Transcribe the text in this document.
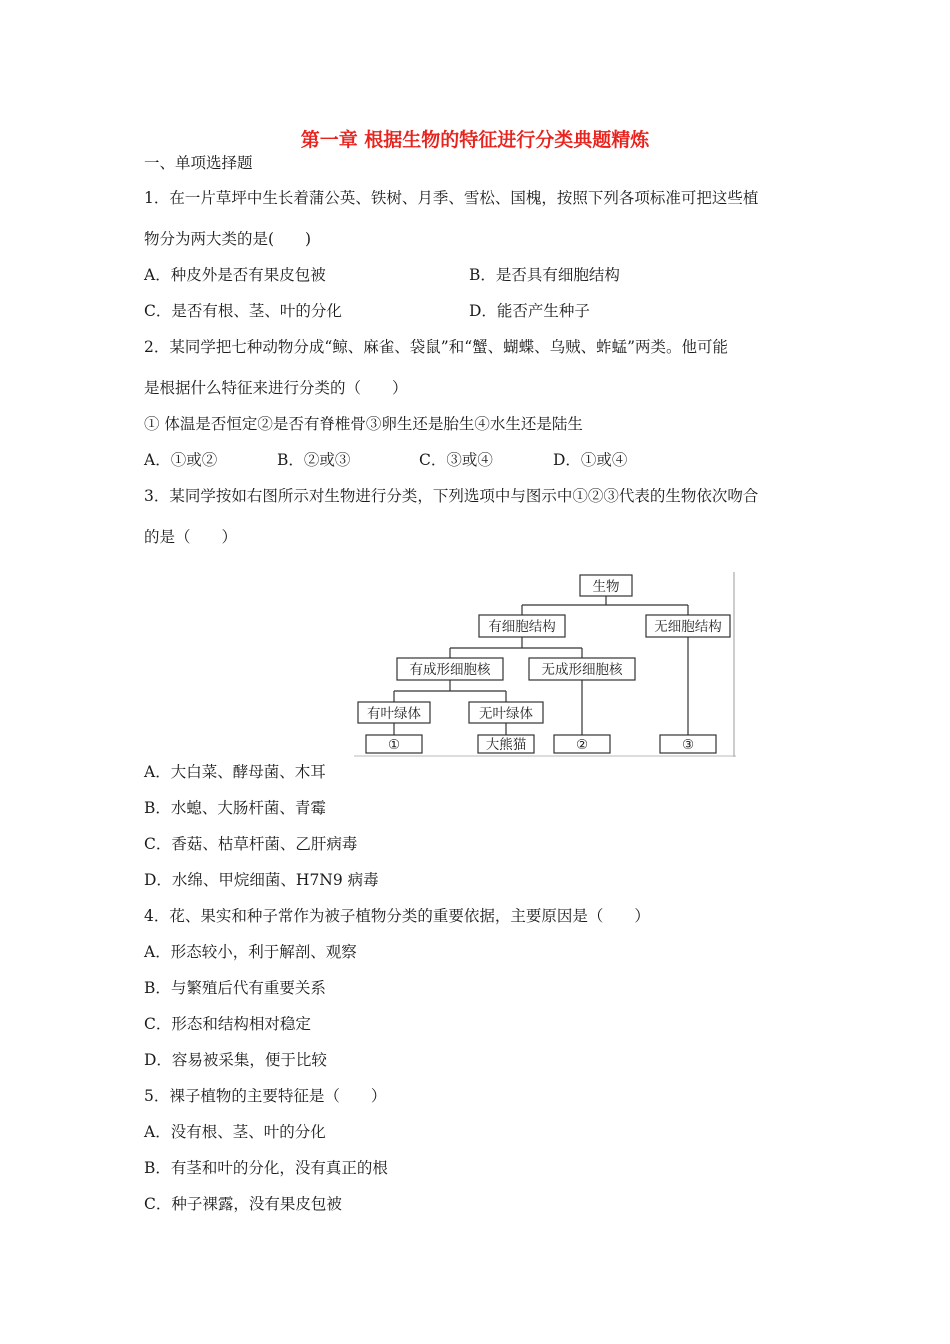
第一章 根据生物的特征进行分类典题精炼
一、单项选择题
1．在一片草坪中生长着蒲公英、铁树、月季、雪松、国槐，按照下列各项标准可把这些植
物分为两大类的是(　　)
A．种皮外是否有果皮包被	B．是否具有细胞结构
C．是否有根、茎、叶的分化	D．能否产生种子
2．某同学把七种动物分成“鲸、麻雀、袋鼠”和“蟹、蝴蝶、乌贼、蚱蜢”两类。他可能
是根据什么特征来进行分类的（　　）
① 体温是否恒定②是否有脊椎骨③卵生还是胎生④水生还是陆生
A．①或②	B．②或③	C．③或④	D．①或④
3．某同学按如右图所示对生物进行分类，下列选项中与图示中①②③代表的生物依次吻合
的是（　　）
生物
有细胞结构	无细胞结构
有成形细胞核	无成形细胞核
有叶绿体	无叶绿体
①	大熊猫	②	③
A．大白菜、酵母菌、木耳
B．水螅、大肠杆菌、青霉
C．香菇、枯草杆菌、乙肝病毒
D．水绵、甲烷细菌、H7N9 病毒
4．花、果实和种子常作为被子植物分类的重要依据，主要原因是（　　）
A．形态较小，利于解剖、观察
B．与繁殖后代有重要关系
C．形态和结构相对稳定
D．容易被采集，便于比较
5．裸子植物的主要特征是（　　）
A．没有根、茎、叶的分化
B．有茎和叶的分化，没有真正的根
C．种子裸露，没有果皮包被
